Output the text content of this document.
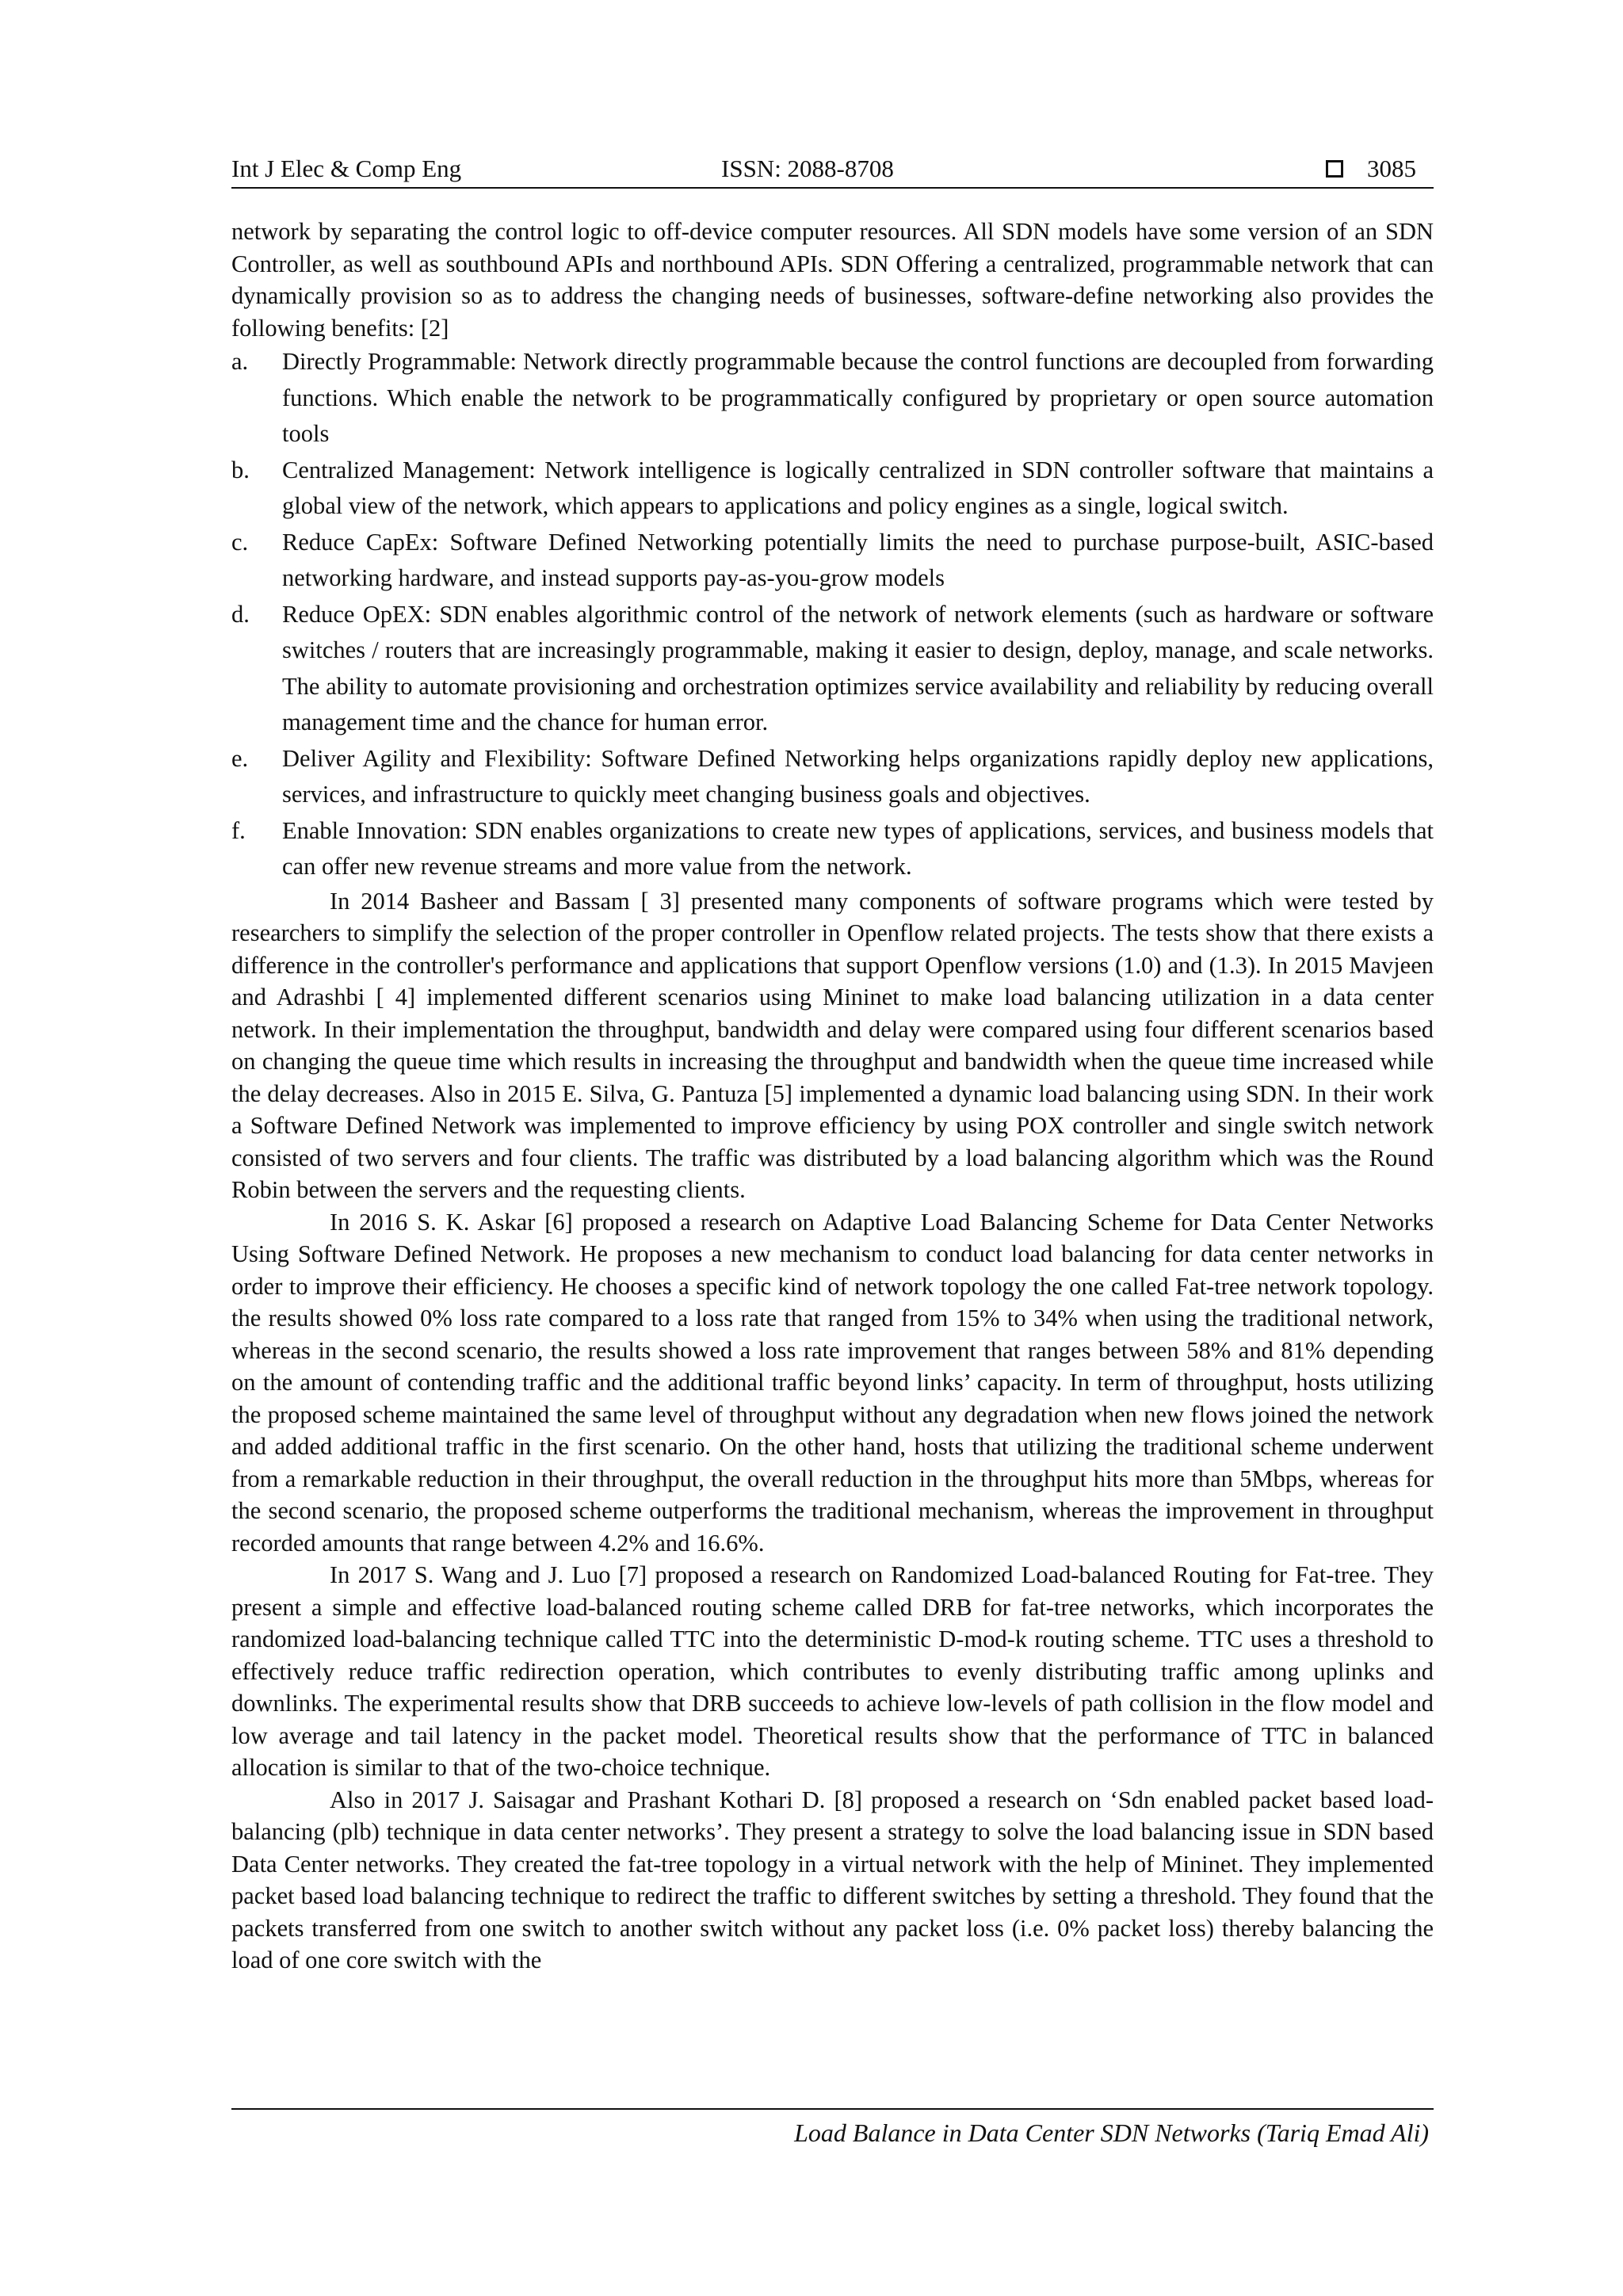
Int J Elec & Comp Eng	ISSN: 2088-8708	3085

network by separating the control logic to off-device computer resources. All SDN models have some version of an SDN Controller, as well as southbound APIs and northbound APIs. SDN Offering a centralized, programmable network that can dynamically provision so as to address the changing needs of businesses, software-define networking also provides the following benefits: [2]

a.	Directly Programmable: Network directly programmable because the control functions are decoupled from forwarding functions. Which enable the network to be programmatically configured by proprietary or open source automation tools
b.	Centralized Management: Network intelligence is logically centralized in SDN controller software that maintains a global view of the network, which appears to applications and policy engines as a single, logical switch.
c.	Reduce CapEx: Software Defined Networking potentially limits the need to purchase purpose-built, ASIC-based networking hardware, and instead supports pay-as-you-grow models
d.	Reduce OpEX: SDN enables algorithmic control of the network of network elements (such as hardware or software switches / routers that are increasingly programmable, making it easier to design, deploy, manage, and scale networks. The ability to automate provisioning and orchestration optimizes service availability and reliability by reducing overall management time and the chance for human error.
e.	Deliver Agility and Flexibility: Software Defined Networking helps organizations rapidly deploy new applications, services, and infrastructure to quickly meet changing business goals and objectives.
f.	Enable Innovation: SDN enables organizations to create new types of applications, services, and business models that can offer new revenue streams and more value from the network.

In 2014 Basheer and Bassam [ 3] presented many components of software programs which were tested by researchers to simplify the selection of the proper controller in Openflow related projects. The tests show that there exists a difference in the controller's performance and applications that support Openflow versions (1.0) and (1.3). In 2015 Mavjeen and Adrashbi [ 4] implemented different scenarios using Mininet to make load balancing utilization in a data center network. In their implementation the throughput, bandwidth and delay were compared using four different scenarios based on changing the queue time which results in increasing the throughput and bandwidth when the queue time increased while the delay decreases. Also in 2015 E. Silva, G. Pantuza [5] implemented a dynamic load balancing using SDN. In their work a Software Defined Network was implemented to improve efficiency by using POX controller and single switch network consisted of two servers and four clients. The traffic was distributed by a load balancing algorithm which was the Round Robin between the servers and the requesting clients.

In 2016 S. K. Askar [6] proposed a research on Adaptive Load Balancing Scheme for Data Center Networks Using Software Defined Network. He proposes a new mechanism to conduct load balancing for data center networks in order to improve their efficiency. He chooses a specific kind of network topology the one called Fat-tree network topology. the results showed 0% loss rate compared to a loss rate that ranged from 15% to 34% when using the traditional network, whereas in the second scenario, the results showed a loss rate improvement that ranges between 58% and 81% depending on the amount of contending traffic and the additional traffic beyond links’ capacity. In term of throughput, hosts utilizing the proposed scheme maintained the same level of throughput without any degradation when new flows joined the network and added additional traffic in the first scenario. On the other hand, hosts that utilizing the traditional scheme underwent from a remarkable reduction in their throughput, the overall reduction in the throughput hits more than 5Mbps, whereas for the second scenario, the proposed scheme outperforms the traditional mechanism, whereas the improvement in throughput recorded amounts that range between 4.2% and 16.6%.

In 2017 S. Wang and J. Luo [7] proposed a research on Randomized Load-balanced Routing for Fat-tree. They present a simple and effective load-balanced routing scheme called DRB for fat-tree networks, which incorporates the randomized load-balancing technique called TTC into the deterministic D-mod-k routing scheme. TTC uses a threshold to effectively reduce traffic redirection operation, which contributes to evenly distributing traffic among uplinks and downlinks. The experimental results show that DRB succeeds to achieve low-levels of path collision in the flow model and low average and tail latency in the packet model. Theoretical results show that the performance of TTC in balanced allocation is similar to that of the two-choice technique.

Also in 2017 J. Saisagar and Prashant Kothari D. [8] proposed a research on ‘Sdn enabled packet based load-balancing (plb) technique in data center networks’. They present a strategy to solve the load balancing issue in SDN based Data Center networks. They created the fat-tree topology in a virtual network with the help of Mininet. They implemented packet based load balancing technique to redirect the traffic to different switches by setting a threshold. They found that the packets transferred from one switch to another switch without any packet loss (i.e. 0% packet loss) thereby balancing the load of one core switch with the

Load Balance in Data Center SDN Networks (Tariq Emad Ali)
